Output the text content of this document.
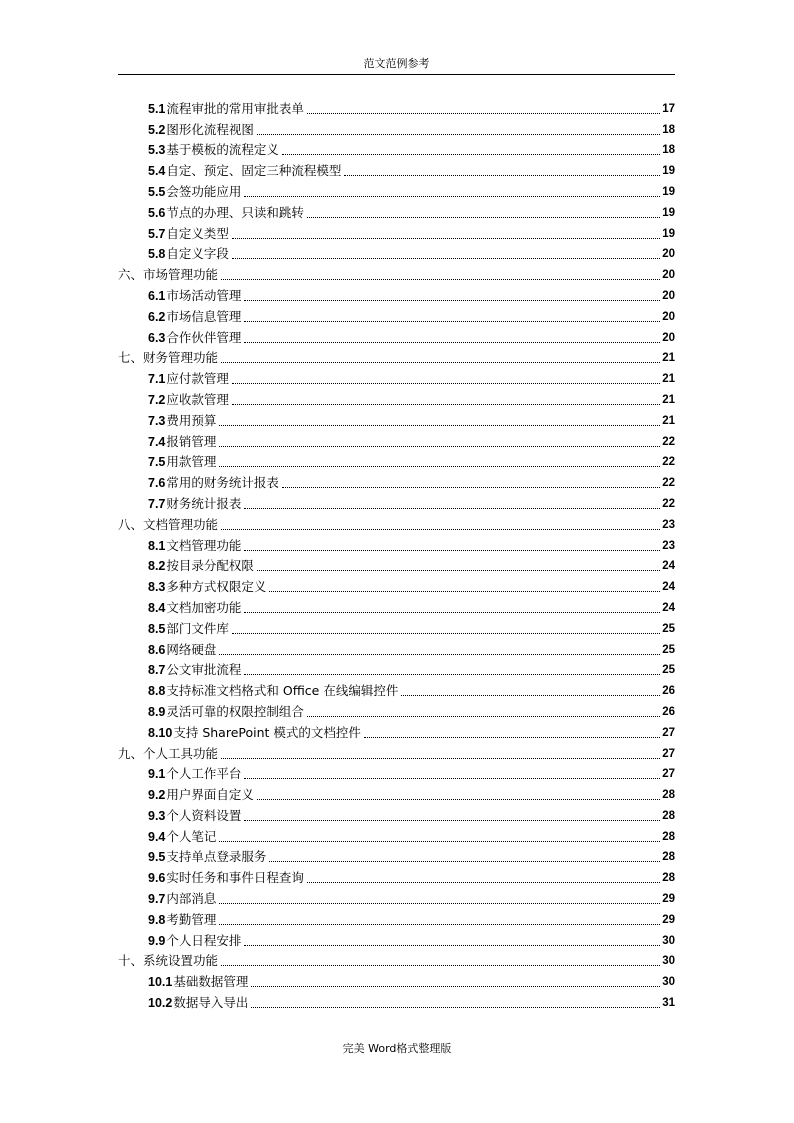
范文范例参考
5.1 流程审批的常用审批表单	17
5.2 图形化流程视图	18
5.3 基于模板的流程定义	18
5.4 自定、预定、固定三种流程模型	19
5.5 会签功能应用	19
5.6 节点的办理、只读和跳转	19
5.7 自定义类型	19
5.8 自定义字段	20
六、市场管理功能	20
6.1 市场活动管理	20
6.2 市场信息管理	20
6.3 合作伙伴管理	20
七、财务管理功能	21
7.1 应付款管理	21
7.2 应收款管理	21
7.3 费用预算	21
7.4 报销管理	22
7.5 用款管理	22
7.6 常用的财务统计报表	22
7.7 财务统计报表	22
八、文档管理功能	23
8.1 文档管理功能	23
8.2 按目录分配权限	24
8.3 多种方式权限定义	24
8.4 文档加密功能	24
8.5 部门文件库	25
8.6 网络硬盘	25
8.7 公文审批流程	25
8.8 支持标准文档格式和 Office 在线编辑控件	26
8.9 灵活可靠的权限控制组合	26
8.10 支持 SharePoint 模式的文档控件	27
九、个人工具功能	27
9.1 个人工作平台	27
9.2 用户界面自定义	28
9.3 个人资料设置	28
9.4 个人笔记	28
9.5 支持单点登录服务	28
9.6 实时任务和事件日程查询	28
9.7 内部消息	29
9.8 考勤管理	29
9.9 个人日程安排	30
十、系统设置功能	30
10.1 基础数据管理	30
10.2 数据导入导出	31
完美 Word格式整理版
